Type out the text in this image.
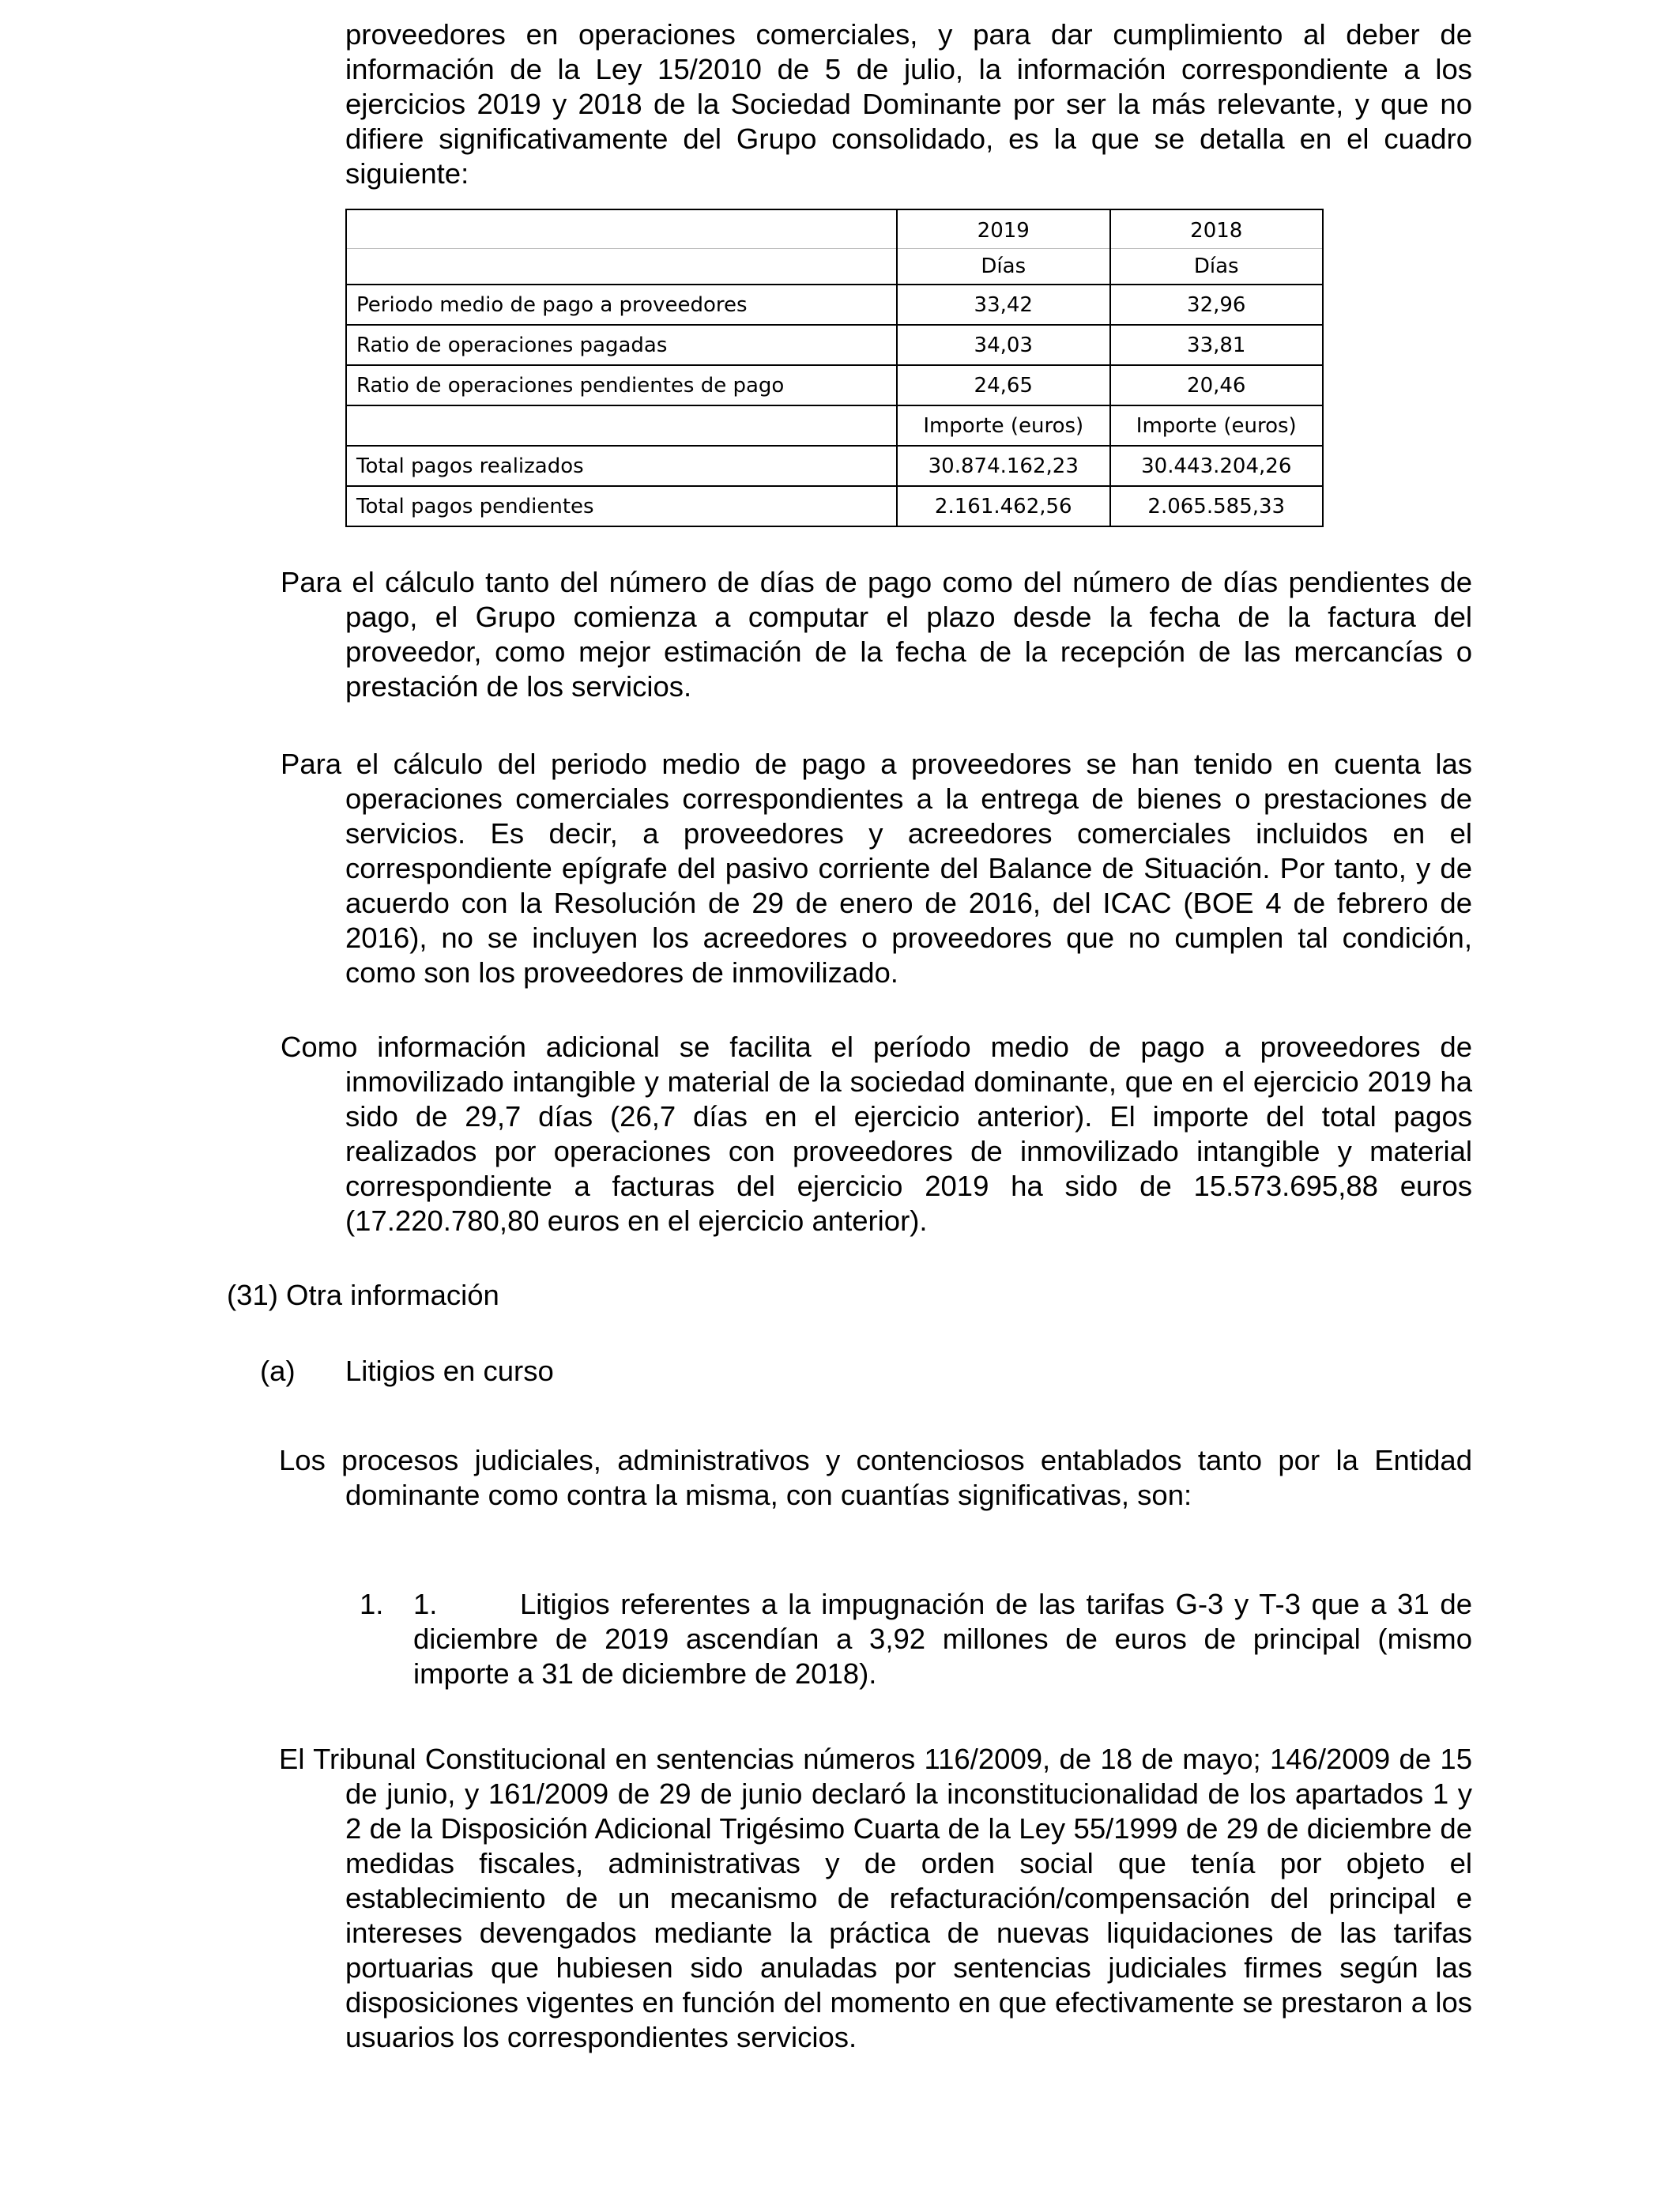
proveedores en operaciones comerciales, y para dar cumplimiento al deber de información de la Ley 15/2010 de 5 de julio, la información correspondiente a los ejercicios 2019 y 2018 de la Sociedad Dominante por ser la más relevante, y que no difiere significativamente del Grupo consolidado, es la que se detalla en el cuadro siguiente:

	2019	2018
	Días	Días
Periodo medio de pago a proveedores	33,42	32,96
Ratio de operaciones pagadas	34,03	33,81
Ratio de operaciones pendientes de pago	24,65	20,46
	Importe (euros)	Importe (euros)
Total pagos realizados	30.874.162,23	30.443.204,26
Total pagos pendientes	2.161.462,56	2.065.585,33

Para el cálculo tanto del número de días de pago como del número de días pendientes de pago, el Grupo comienza a computar el plazo desde la fecha de la factura del proveedor, como mejor estimación de la fecha de la recepción de las mercancías o prestación de los servicios.

Para el cálculo del periodo medio de pago a proveedores se han tenido en cuenta las operaciones comerciales correspondientes a la entrega de bienes o prestaciones de servicios. Es decir, a proveedores y acreedores comerciales incluidos en el correspondiente epígrafe del pasivo corriente del Balance de Situación. Por tanto, y de acuerdo con la Resolución de 29 de enero de 2016, del ICAC (BOE 4 de febrero de 2016), no se incluyen los acreedores o proveedores que no cumplen tal condición, como son los proveedores de inmovilizado.

Como información adicional se facilita el período medio de pago a proveedores de inmovilizado intangible y material de la sociedad dominante, que en el ejercicio 2019 ha sido de 29,7 días (26,7 días en el ejercicio anterior). El importe del total pagos realizados por operaciones con proveedores de inmovilizado intangible y material correspondiente a facturas del ejercicio 2019 ha sido de 15.573.695,88 euros (17.220.780,80 euros en el ejercicio anterior).

(31) Otra información
(a) Litigios en curso

Los procesos judiciales, administrativos y contenciosos entablados tanto por la Entidad dominante como contra la misma, con cuantías significativas, son:

1. 1.	Litigios referentes a la impugnación de las tarifas G-3 y T-3 que a 31 de diciembre de 2019 ascendían a 3,92 millones de euros de principal (mismo importe a 31 de diciembre de 2018).

El Tribunal Constitucional en sentencias números 116/2009, de 18 de mayo; 146/2009 de 15 de junio, y 161/2009 de 29 de junio declaró la inconstitucionalidad de los apartados 1 y 2 de la Disposición Adicional Trigésimo Cuarta de la Ley 55/1999 de 29 de diciembre de medidas fiscales, administrativas y de orden social que tenía por objeto el establecimiento de un mecanismo de refacturación/compensación del principal e intereses devengados mediante la práctica de nuevas liquidaciones de las tarifas portuarias que hubiesen sido anuladas por sentencias judiciales firmes según las disposiciones vigentes en función del momento en que efectivamente se prestaron a los usuarios los correspondientes servicios.
